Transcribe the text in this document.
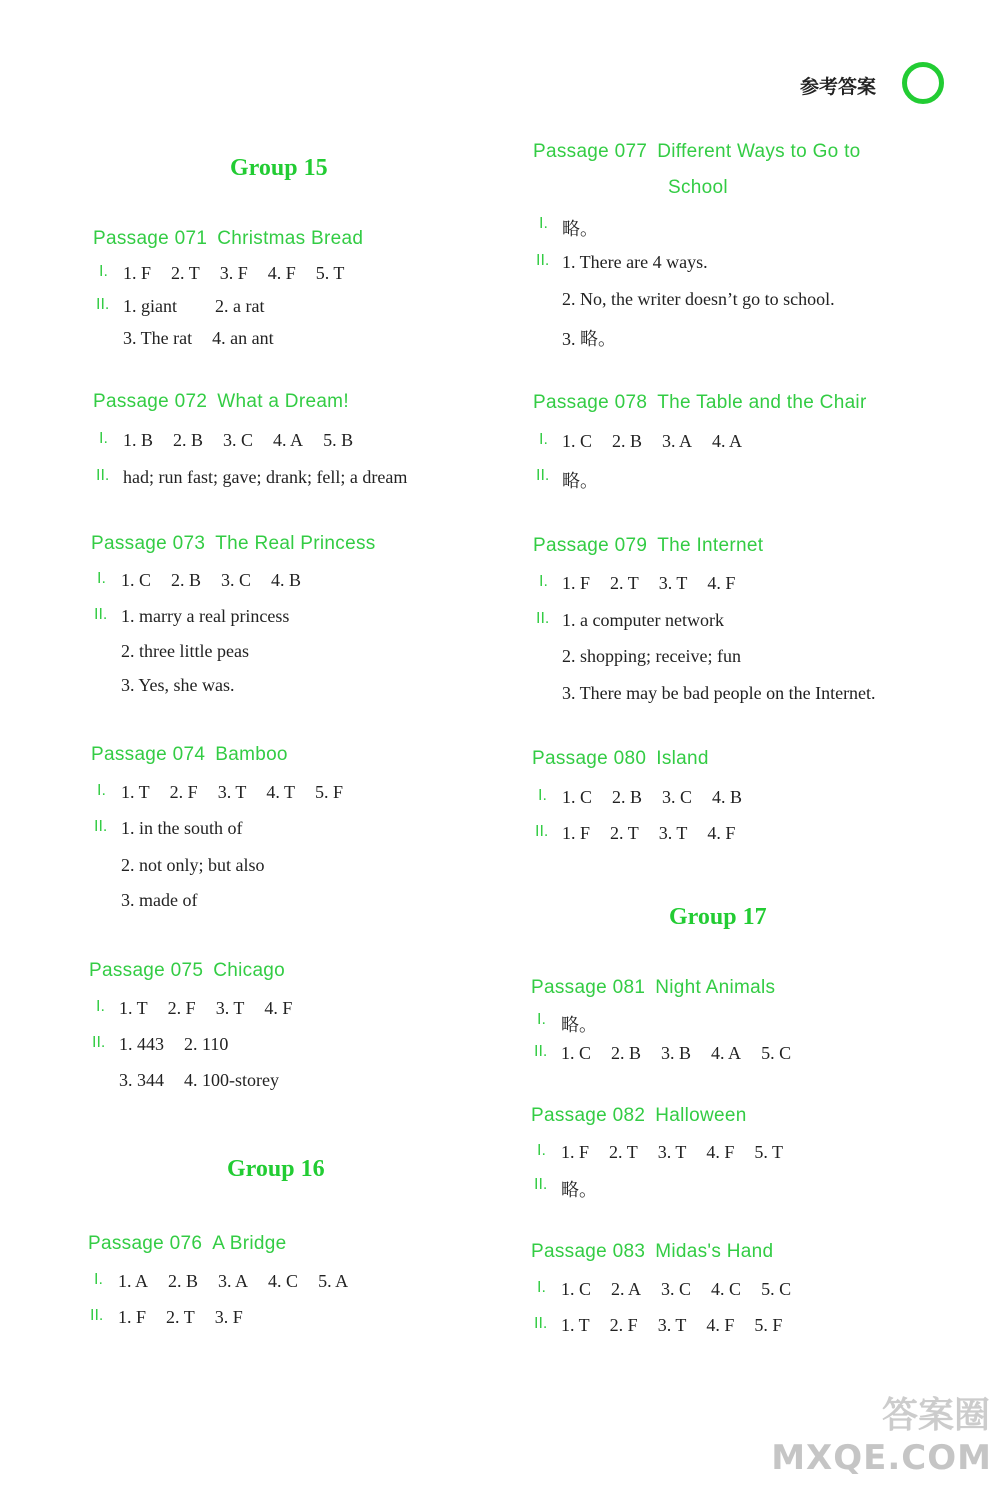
参考答案
Group 15
Passage 071 Christmas Bread
I. 1. F 2. T 3. F 4. F 5. T
II. 1. giant 2. a rat
3. The rat 4. an ant
Passage 072 What a Dream!
I. 1. B 2. B 3. C 4. A 5. B
II. had; run fast; gave; drank; fell; a dream
Passage 073 The Real Princess
I. 1. C 2. B 3. C 4. B
II. 1. marry a real princess
2. three little peas
3. Yes, she was.
Passage 074 Bamboo
I. 1. T 2. F 3. T 4. T 5. F
II. 1. in the south of
2. not only; but also
3. made of
Passage 075 Chicago
I. 1. T 2. F 3. T 4. F
II. 1. 443 2. 110
3. 344 4. 100-storey
Group 16
Passage 076 A Bridge
I. 1. A 2. B 3. A 4. C 5. A
II. 1. F 2. T 3. F
Passage 077 Different Ways to Go to
School
I. 略。
II. 1. There are 4 ways.
2. No, the writer doesn’t go to school.
3. 略。
Passage 078 The Table and the Chair
I. 1. C 2. B 3. A 4. A
II. 略。
Passage 079 The Internet
I. 1. F 2. T 3. T 4. F
II. 1. a computer network
2. shopping; receive; fun
3. There may be bad people on the Internet.
Passage 080 Island
I. 1. C 2. B 3. C 4. B
II. 1. F 2. T 3. T 4. F
Group 17
Passage 081 Night Animals
I. 略。
II. 1. C 2. B 3. B 4. A 5. C
Passage 082 Halloween
I. 1. F 2. T 3. T 4. F 5. T
II. 略。
Passage 083 Midas's Hand
I. 1. C 2. A 3. C 4. C 5. C
II. 1. T 2. F 3. T 4. F 5. F
答案圈
MXQE.COM
